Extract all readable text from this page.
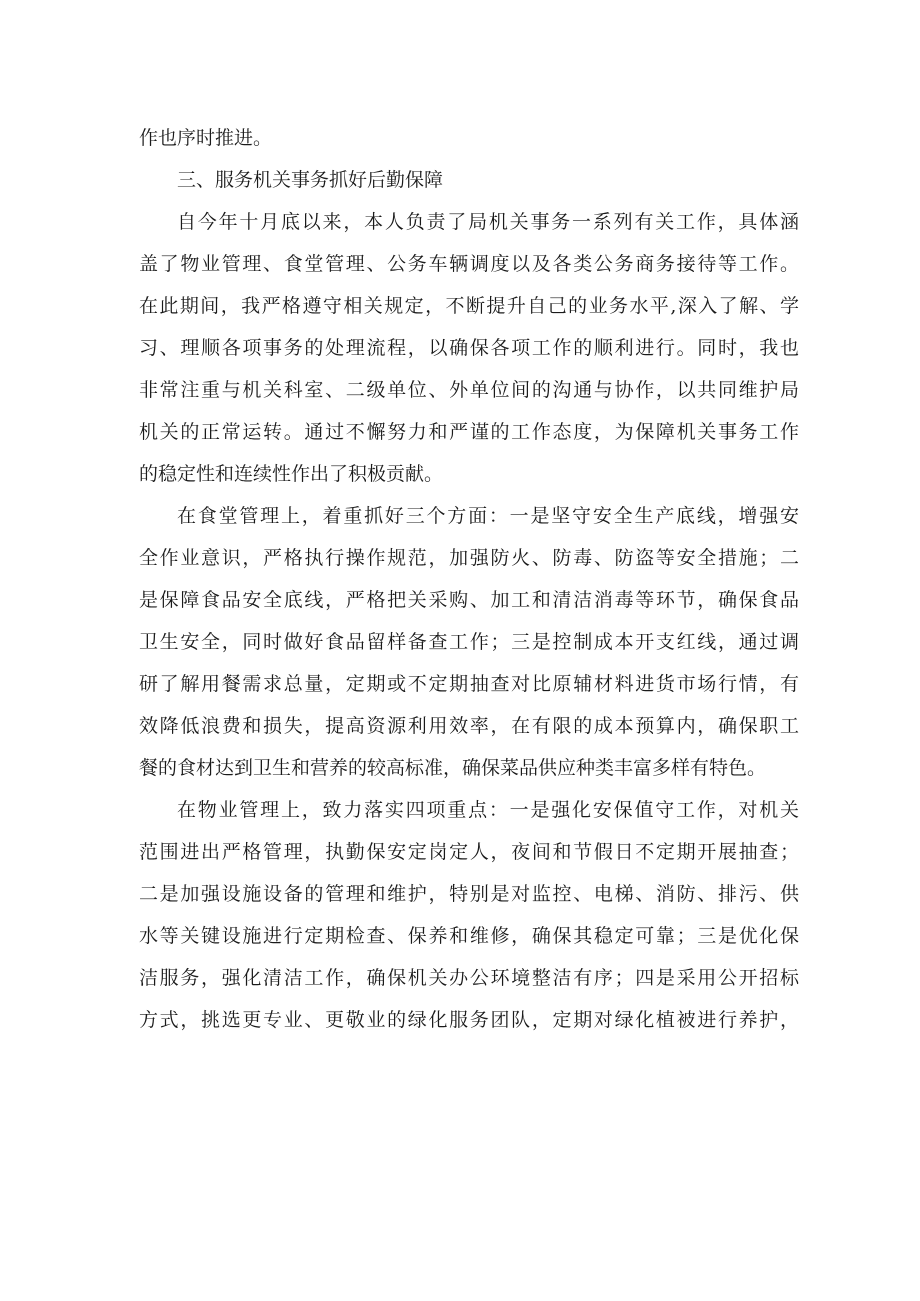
作也序时推进。
三、服务机关事务抓好后勤保障
自今年十月底以来，本人负责了局机关事务一系列有关工作，具体涵
盖了物业管理、食堂管理、公务车辆调度以及各类公务商务接待等工作。
在此期间，我严格遵守相关规定，不断提升自己的业务水平,深入了解、学
习、理顺各项事务的处理流程，以确保各项工作的顺利进行。同时，我也
非常注重与机关科室、二级单位、外单位间的沟通与协作，以共同维护局
机关的正常运转。通过不懈努力和严谨的工作态度，为保障机关事务工作
的稳定性和连续性作出了积极贡献。
在食堂管理上，着重抓好三个方面：一是坚守安全生产底线，增强安
全作业意识，严格执行操作规范，加强防火、防毒、防盗等安全措施；二
是保障食品安全底线，严格把关采购、加工和清洁消毒等环节，确保食品
卫生安全，同时做好食品留样备查工作；三是控制成本开支红线，通过调
研了解用餐需求总量，定期或不定期抽查对比原辅材料进货市场行情，有
效降低浪费和损失，提高资源利用效率，在有限的成本预算内，确保职工
餐的食材达到卫生和营养的较高标准，确保菜品供应种类丰富多样有特色。
在物业管理上，致力落实四项重点：一是强化安保值守工作，对机关
范围进出严格管理，执勤保安定岗定人，夜间和节假日不定期开展抽查；
二是加强设施设备的管理和维护，特别是对监控、电梯、消防、排污、供
水等关键设施进行定期检查、保养和维修，确保其稳定可靠；三是优化保
洁服务，强化清洁工作，确保机关办公环境整洁有序；四是采用公开招标
方式，挑选更专业、更敬业的绿化服务团队，定期对绿化植被进行养护，
